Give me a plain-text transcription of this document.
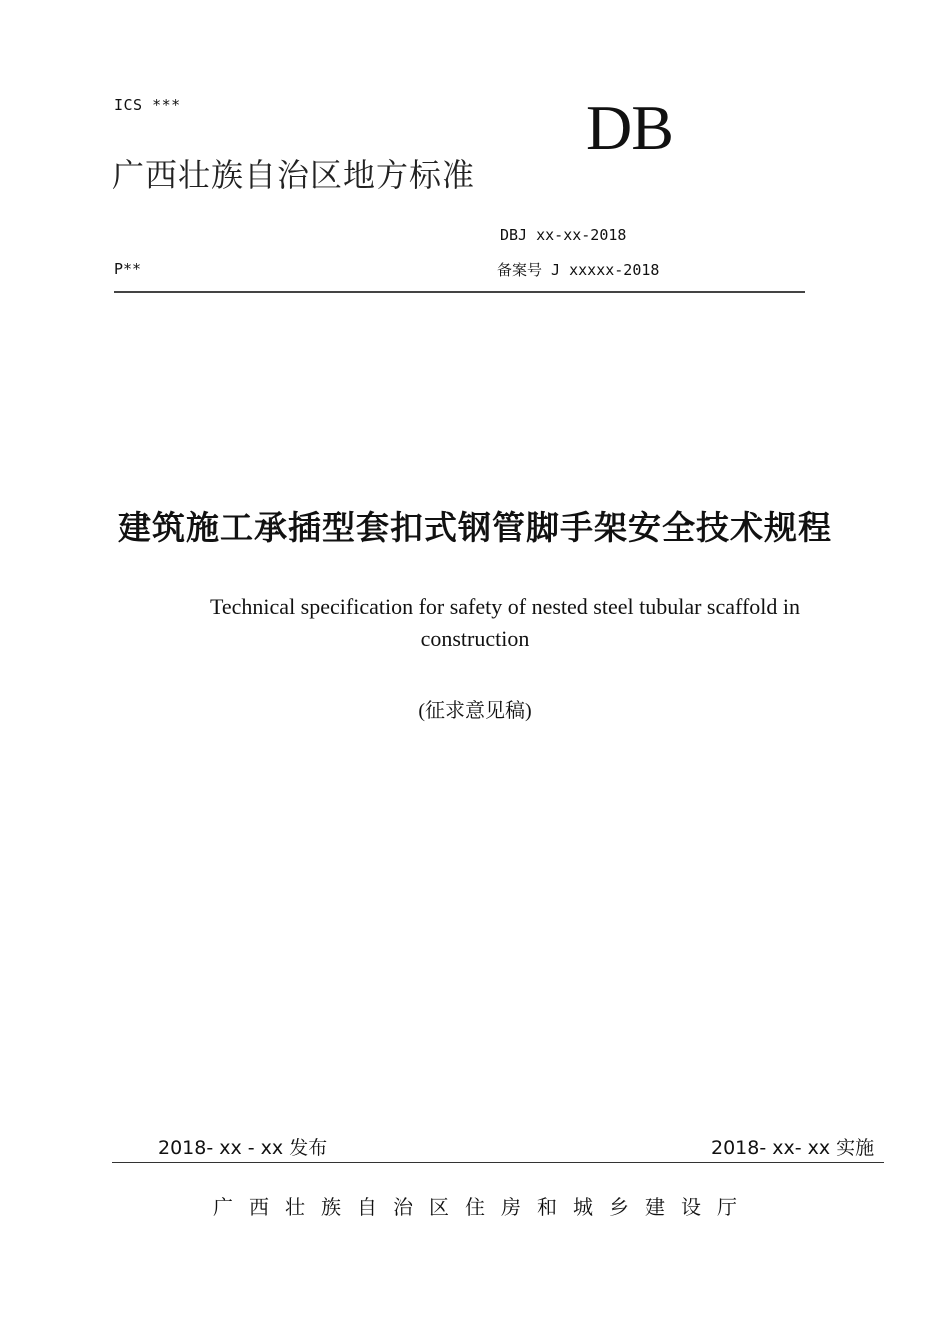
ICS ***
广西壮族自治区地方标准
DB
DBJ xx-xx-2018
P**	备案号 J xxxxx-2018
建筑施工承插型套扣式钢管脚手架安全技术规程
Technical specification for safety of nested steel tubular scaffold in
construction
(征求意见稿)
2018- xx - xx 发布	2018- xx- xx 实施
广西壮族自治区住房和城乡建设厅
